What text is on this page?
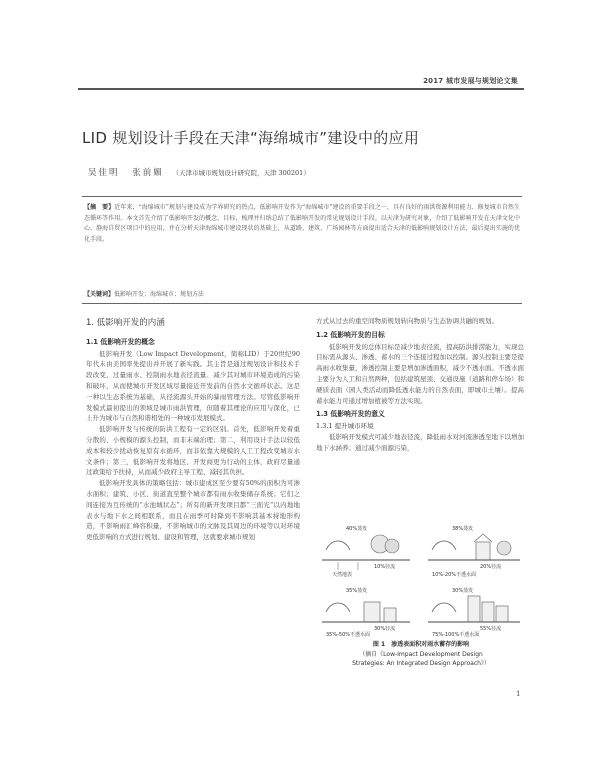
2017 城市发展与规划论文集
LID 规划设计手段在天津“海绵城市”建设中的应用
吴佳明 张前媚 （天津市城市规划设计研究院，天津 300201）
【摘　要】近年来，“海绵城市”规划与建设成为学界研究的热点，低影响开发作为“海绵城市”建设的重要手段之一，具有良好的雨洪资源利用能力、修复城市自然生态循环等作用。本文首先介绍了低影响开发的概念、目标，梳理并归纳总结了低影响开发的常见规划设计手段。以天津为研究对象，介绍了低影响开发在天津文化中心、静海自贸区项目中的应用，并在分析天津海绵城市建设现状的基础上，从道路、建筑、广场园林等方面提出适合天津的低影响规划设计方法，最后提出实施的优化手段。
【关键词】低影响开发；海绵城市；规划方法
1. 低影响开发的内涵
1.1 低影响开发的概念

低影响开发（Low Impact Development，简称LID）于20世纪90年代末由美国率先提出并开展了新实践。其主旨是通过规划设计和技术手段改变、过量雨水、控制雨水地表径流量、减少其对城市环境造成的污染和破坏，从而使城市开发区域尽量接近开发前的自然水文循环状态。这是一种以生态系统为基础，从径流源头开始的暴雨管理方法。尽管低影响开发模式最初提出的领域是城市雨洪管理，但随着其理论的应用与深化，已上升为城市与自然和谐相处的一种城市发展模式。

低影响开发与传统的防洪工程有一定的区别。首先，低影响开发着重分散的、小规模的源头控制，而非末端治理；第二，利用设计手法以较低成本和较少扰动恢复原有水循环，而非依靠大规模的人工工程改变城市水文条件；第三，低影响开发将地区、开发商更为行动的主体，政府尽量通过政策给予扶持，从而减少政府主导工程、减轻其负担。

低影响开发具体的策略包括：城市建成区至少要有50%的面积为可渗水面积；建筑、小区、街道直至整个城市都有雨水收集储存系统；它们之间连接为互传统的“水池城状态”；所有的新开发项目都“三面光”以内地地表水与地下水之间相联系，而且在雨季可时降到不影响其基本持地形构造，不影响雨汇峰容积量，不影响城市的文脉及其周边的环境等以对环境更低影响的方式进行规划、建设和管理，这就要求城市规划

方式从过去的重空间物质规划转向物质与生态协调共融的规划。

1.2 低影响开发的目标

低影响开发的总体目标是减少地表径流，提高防洪排涝能力，实现总目标需从源头、渗透、蓄水的三个连接过程加以控制。源头控制主要是提高雨水收集量，渗透控制主要是增加渗透面积，减少不透水面。不透水面主要分为人工和自然两种，包括建筑屋顶、交通设施（道路和停车场）和硬质表面（园人类活动而降低透水能力的自然表面，即城市土壤）。提高蓄水能力可通过增加植被等方法实现。

1.3 低影响开发的意义
1.3.1 提升城市环境

低影响开发模式可减少地表径流，降低雨水对河流渗透至地下以增加地下水涵养；通过减少面源污染，

40%蒸发
10%径流
天然地表
38%蒸发
20%径流
10%-20%不透水面
35%蒸发
30%径流
35%-50%不透水面
30%蒸发
55%径流
75%-100%不透水面
图 1　渗透表面积对雨水蓄存的影响
（摘自《Low-Impact Development Design
Strategies: An Integrated Design Approach》）
1
